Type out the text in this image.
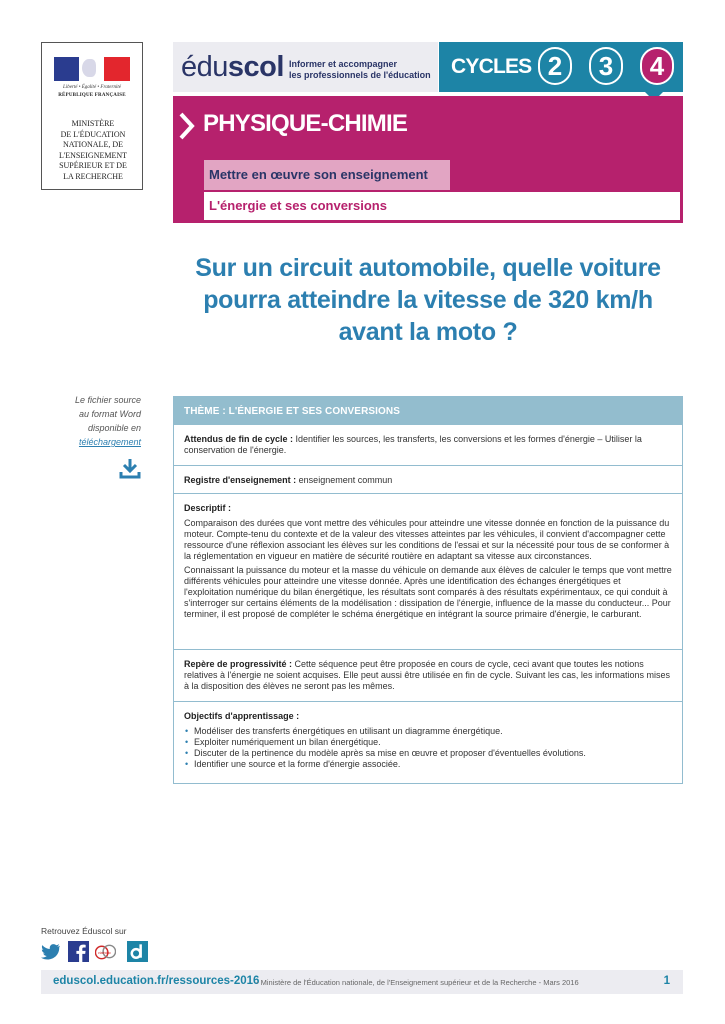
Liberté • Égalité • Fraternité
RÉPUBLIQUE FRANÇAISE
MINISTÈRE
DE L'ÉDUCATION
NATIONALE, DE
L'ENSEIGNEMENT
SUPÉRIEUR ET DE
LA RECHERCHE
éduscol Informer et accompagner
les professionnels de l'éducation CYCLES 2	3	4
PHYSIQUE-CHIMIE
Mettre en œuvre son enseignement
L'énergie et ses conversions
Sur un circuit automobile, quelle voiture
pourra atteindre la vitesse de 320 km/h
avant la moto ?
Le fichier source
au format Word
disponible en
téléchargement
THÈME : L'ÉNERGIE ET SES CONVERSIONS
Attendus de fin de cycle : Identifier les sources, les transferts, les conversions et les formes d'énergie – Utiliser la conservation de l'énergie.
Registre d'enseignement : enseignement commun
Descriptif :

Comparaison des durées que vont mettre des véhicules pour atteindre une vitesse donnée en fonction de la puissance du moteur. Compte-tenu du contexte et de la valeur des vitesses atteintes par les véhicules, il convient d'accompagner cette ressource d'une réflexion associant les élèves sur les conditions de l'essai et sur la nécessité pour tous de se conformer à la réglementation en vigueur en matière de sécurité routière en adaptant sa vitesse aux circonstances.

Connaissant la puissance du moteur et la masse du véhicule on demande aux élèves de calculer le temps que vont mettre différents véhicules pour atteindre une vitesse donnée. Après une identification des échanges énergétiques et l'exploitation numérique du bilan énergétique, les résultats sont comparés à des résultats expérimentaux, ce qui conduit à s'interroger sur certains éléments de la modélisation : dissipation de l'énergie, influence de la masse du conducteur... Pour terminer, il est proposé de compléter le schéma énergétique en intégrant la source primaire d'énergie, le carburant.

Repère de progressivité : Cette séquence peut être proposée en cours de cycle, ceci avant que toutes les notions relatives à l'énergie ne soient acquises. Elle peut aussi être utilisée en fin de cycle. Suivant les cas, les informations mises à la disposition des élèves ne seront pas les mêmes.
Objectifs d'apprentissage :
• Modéliser des transferts énergétiques en utilisant un diagramme énergétique.
• Exploiter numériquement un bilan énergétique.
• Discuter de la pertinence du modèle après sa mise en œuvre et proposer d'éventuelles évolutions.
• Identifier une source et la forme d'énergie associée.
Retrouvez Éduscol sur
viaéduc
eduscol.education.fr/ressources-2016
- Ministère de l'Éducation nationale, de l'Enseignement supérieur et de la Recherche - Mars 2016	1
